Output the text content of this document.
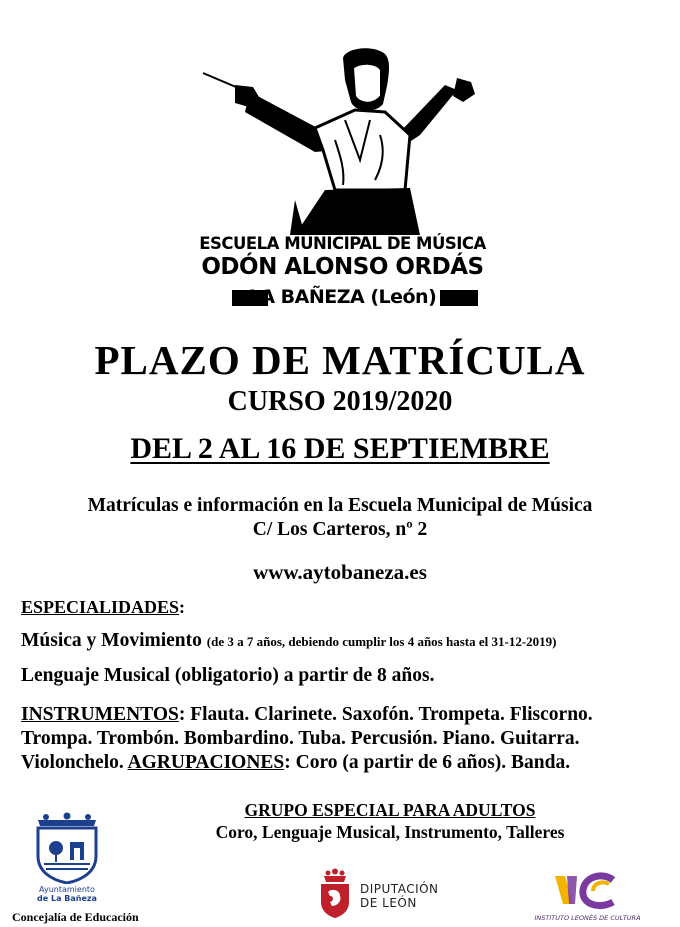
ESCUELA MUNICIPAL DE MÚSICA
ODÓN ALONSO ORDÁS
LA BAÑEZA (León)
PLAZO DE MATRÍCULA
CURSO 2019/2020
DEL 2 AL 16 DE SEPTIEMBRE
Matrículas e información en la Escuela Municipal de Música
C/ Los Carteros, nº 2
www.aytobaneza.es
ESPECIALIDADES:
Música y Movimiento (de 3 a 7 años, debiendo cumplir los 4 años hasta el 31-12-2019)
Lenguaje Musical (obligatorio) a partir de 8 años.
INSTRUMENTOS: Flauta. Clarinete. Saxofón. Trompeta. Fliscorno.
Trompa. Trombón. Bombardino. Tuba. Percusión. Piano. Guitarra.
Violonchelo. AGRUPACIONES: Coro (a partir de 6 años). Banda.
GRUPO ESPECIAL PARA ADULTOS
Coro, Lenguaje Musical, Instrumento, Talleres
Ayuntamiento
de La Bañeza
Concejalía de Educación
DIPUTACIÓN
DE LEÓN
INSTITUTO LEONÉS DE CULTURA
